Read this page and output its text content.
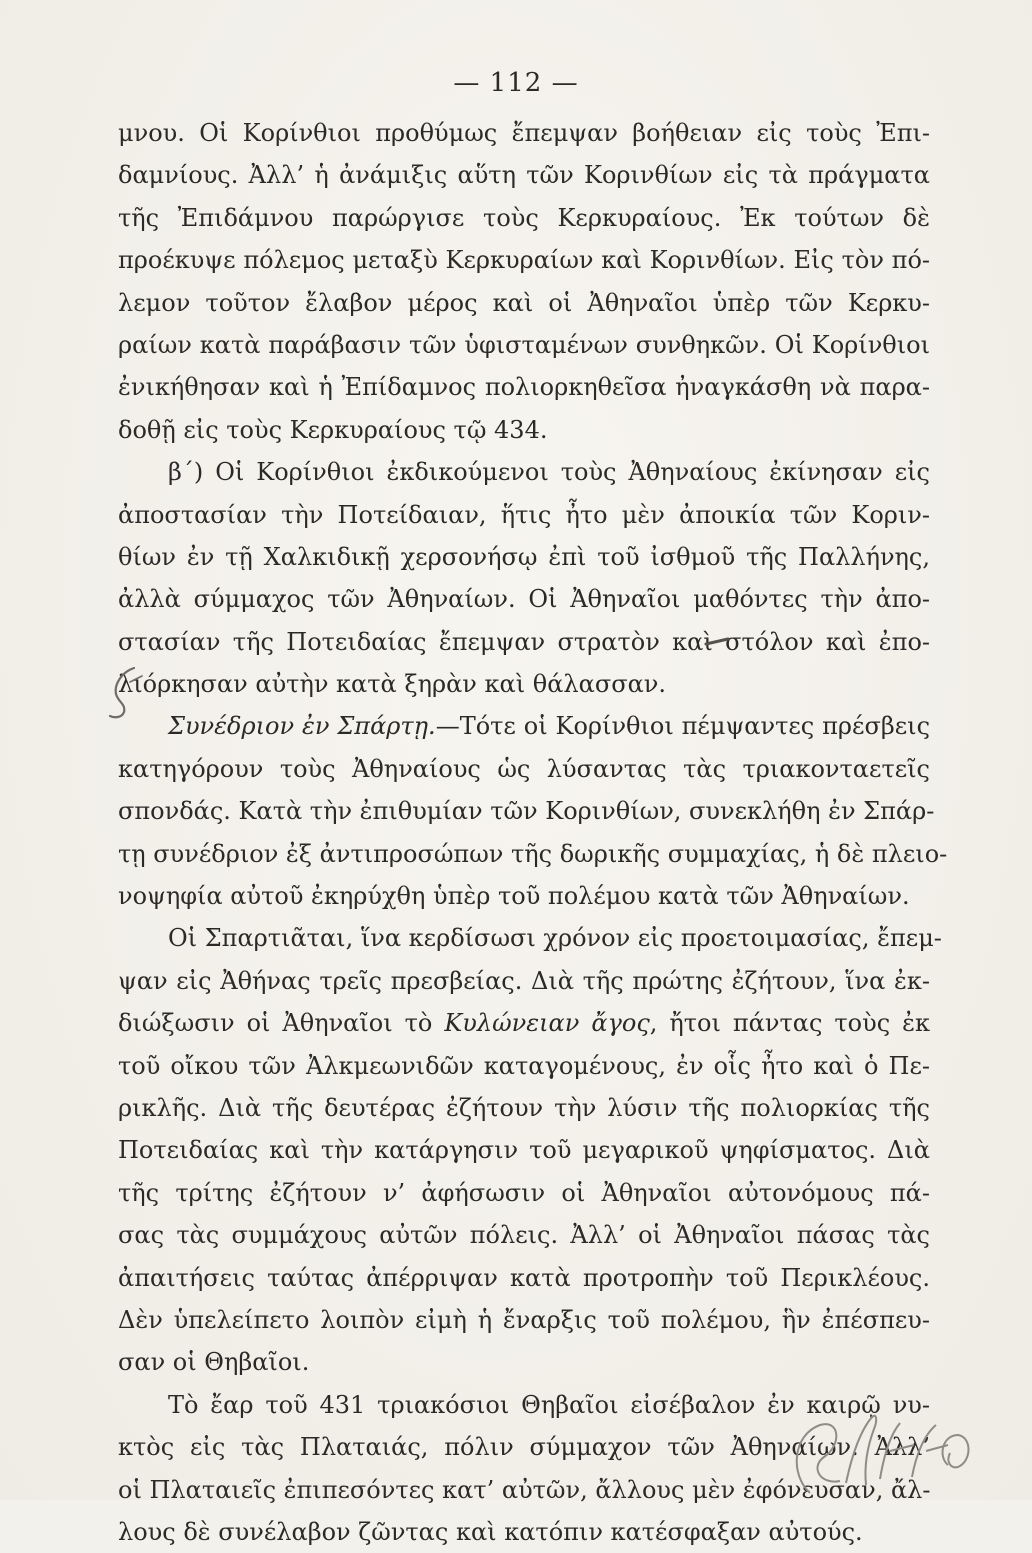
— 112 —
μνου. Οἱ Κορίνθιοι προθύμως ἔπεμψαν βοήθειαν εἰς τοὺς Ἐπι-
δαμνίους. Ἀλλ’ ἡ ἀνάμιξις αὕτη τῶν Κορινθίων εἰς τὰ πράγματα
τῆς Ἐπιδάμνου παρώργισε τοὺς Κερκυραίους. Ἐκ τούτων δὲ
προέκυψε πόλεμος μεταξὺ Κερκυραίων καὶ Κορινθίων. Εἰς τὸν πό-
λεμον τοῦτον ἔλαβον μέρος καὶ οἱ Ἀθηναῖοι ὑπὲρ τῶν Κερκυ-
ραίων κατὰ παράβασιν τῶν ὑφισταμένων συνθηκῶν. Οἱ Κορίνθιοι
ἐνικήθησαν καὶ ἡ Ἐπίδαμνος πολιορκηθεῖσα ἠναγκάσθη νὰ παρα-
δοθῇ εἰς τοὺς Κερκυραίους τῷ 434.
β΄) Οἱ Κορίνθιοι ἐκδικούμενοι τοὺς Ἀθηναίους ἐκίνησαν εἰς
ἀποστασίαν τὴν Ποτείδαιαν, ἥτις ἦτο μὲν ἀποικία τῶν Κοριν-
θίων ἐν τῇ Χαλκιδικῇ χερσονήσῳ ἐπὶ τοῦ ἰσθμοῦ τῆς Παλλήνης,
ἀλλὰ σύμμαχος τῶν Ἀθηναίων. Οἱ Ἀθηναῖοι μαθόντες τὴν ἀπο-
στασίαν τῆς Ποτειδαίας ἔπεμψαν στρατὸν καὶ στόλον καὶ ἐπο-
λιόρκησαν αὐτὴν κατὰ ξηρὰν καὶ θάλασσαν.
Συνέδριον ἐν Σπάρτῃ.—Τότε οἱ Κορίνθιοι πέμψαντες πρέσβεις
κατηγόρουν τοὺς Ἀθηναίους ὡς λύσαντας τὰς τριακονταετεῖς
σπονδάς. Κατὰ τὴν ἐπιθυμίαν τῶν Κορινθίων, συνεκλήθη ἐν Σπάρ-
τῃ συνέδριον ἐξ ἀντιπροσώπων τῆς δωρικῆς συμμαχίας, ἡ δὲ πλειο-
νοψηφία αὐτοῦ ἐκηρύχθη ὑπὲρ τοῦ πολέμου κατὰ τῶν Ἀθηναίων.
Οἱ Σπαρτιᾶται, ἵνα κερδίσωσι χρόνον εἰς προετοιμασίας, ἔπεμ-
ψαν εἰς Ἀθήνας τρεῖς πρεσβείας. Διὰ τῆς πρώτης ἐζήτουν, ἵνα ἐκ-
διώξωσιν οἱ Ἀθηναῖοι τὸ Κυλώνειαν ἄγος, ἤτοι πάντας τοὺς ἐκ
τοῦ οἴκου τῶν Ἀλκμεωνιδῶν καταγομένους, ἐν οἷς ἦτο καὶ ὁ Πε-
ρικλῆς. Διὰ τῆς δευτέρας ἐζήτουν τὴν λύσιν τῆς πολιορκίας τῆς
Ποτειδαίας καὶ τὴν κατάργησιν τοῦ μεγαρικοῦ ψηφίσματος. Διὰ
τῆς τρίτης ἐζήτουν ν’ ἀφήσωσιν οἱ Ἀθηναῖοι αὐτονόμους πά-
σας τὰς συμμάχους αὐτῶν πόλεις. Ἀλλ’ οἱ Ἀθηναῖοι πάσας τὰς
ἀπαιτήσεις ταύτας ἀπέρριψαν κατὰ προτροπὴν τοῦ Περικλέους.
Δὲν ὑπελείπετο λοιπὸν εἰμὴ ἡ ἔναρξις τοῦ πολέμου, ἣν ἐπέσπευ-
σαν οἱ Θηβαῖοι.
Τὸ ἔαρ τοῦ 431 τριακόσιοι Θηβαῖοι εἰσέβαλον ἐν καιρῷ νυ-
κτὸς εἰς τὰς Πλαταιάς, πόλιν σύμμαχον τῶν Ἀθηναίων. Ἀλλ’
οἱ Πλαταιεῖς ἐπιπεσόντες κατ’ αὐτῶν, ἄλλους μὲν ἐφόνευσαν, ἄλ-
λους δὲ συνέλαβον ζῶντας καὶ κατόπιν κατέσφαξαν αὐτούς.
